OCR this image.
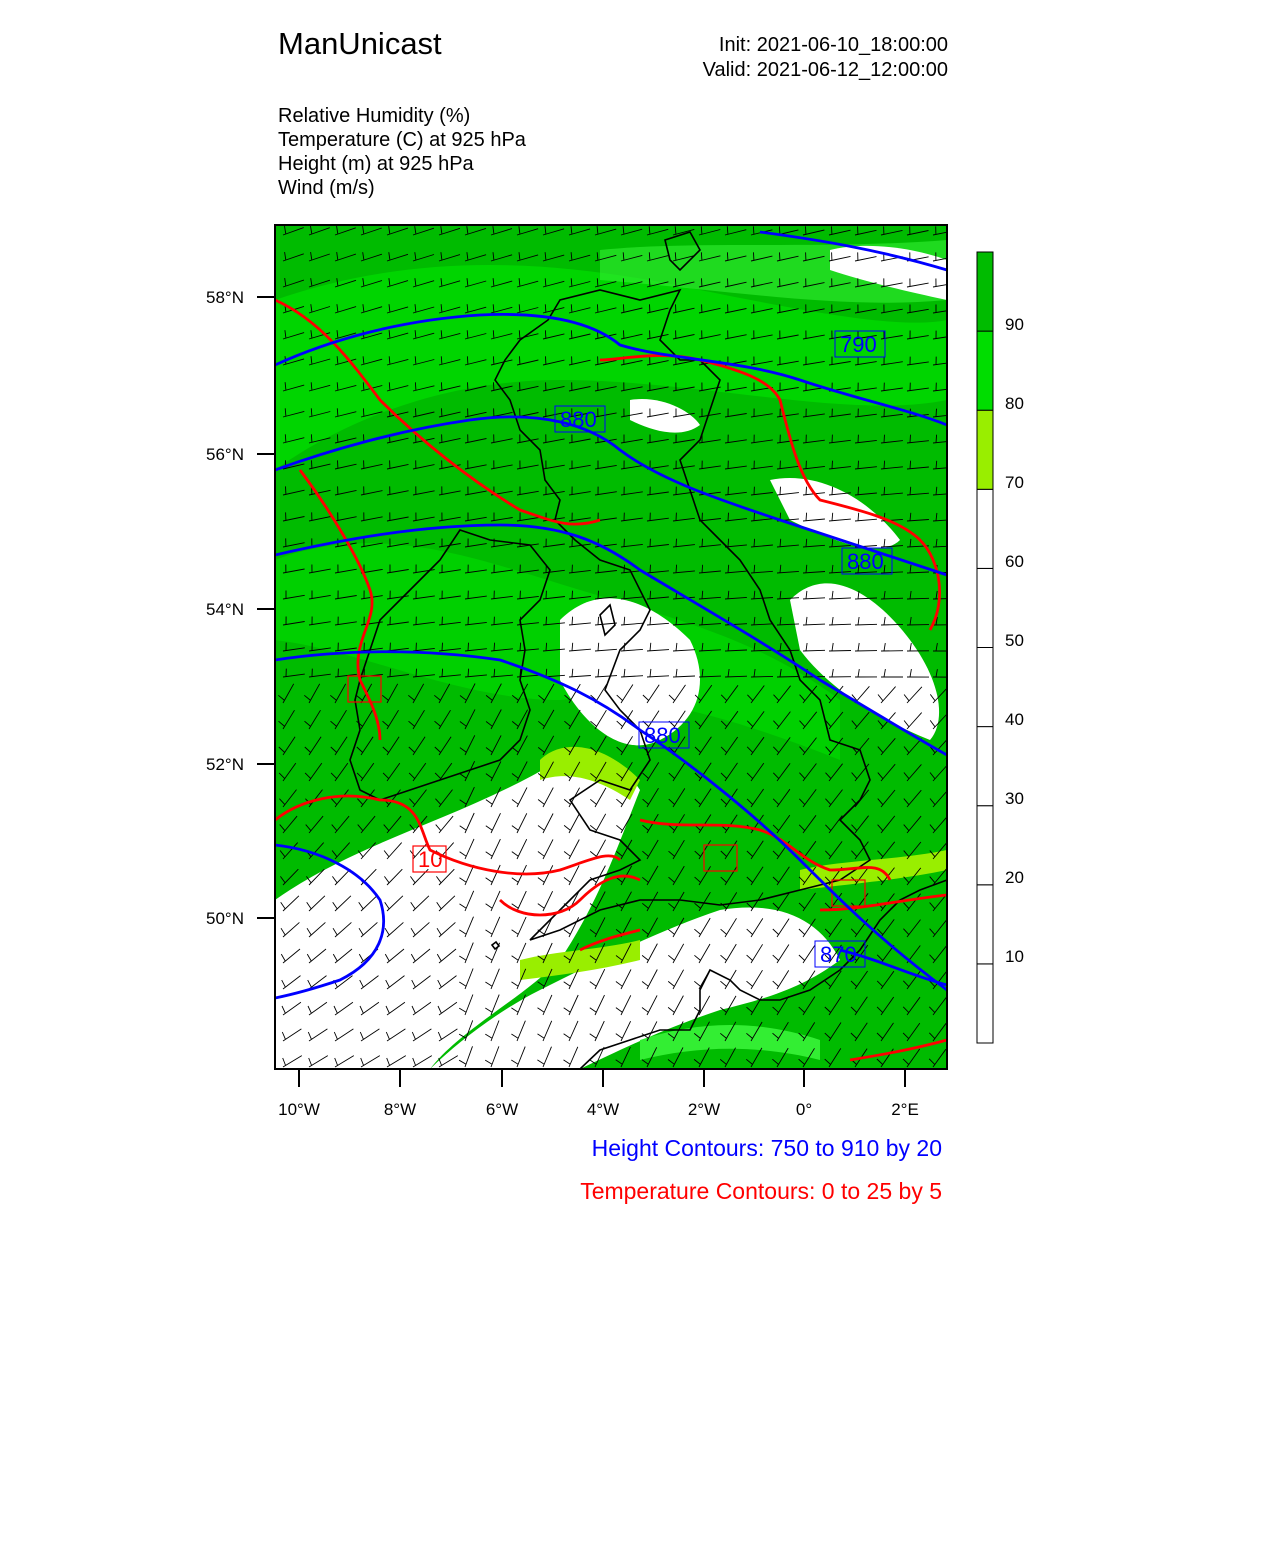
ManUnicast	Init: 2021-06-10_18:00:00
Valid: 2021-06-12_12:00:00
Relative Humidity (%)
Temperature (C) at 925 hPa
Height (m) at 925 hPa
Wind (m/s)
790
880
880
880
870
10
58°N
56°N
54°N
52°N
50°N
10°W	8°W	6°W	4°W	2°W	0°	2°E
90
80
70
60
50
40
30
20
10
Height Contours: 750 to 910 by 20
Temperature Contours: 0 to 25 by 5
